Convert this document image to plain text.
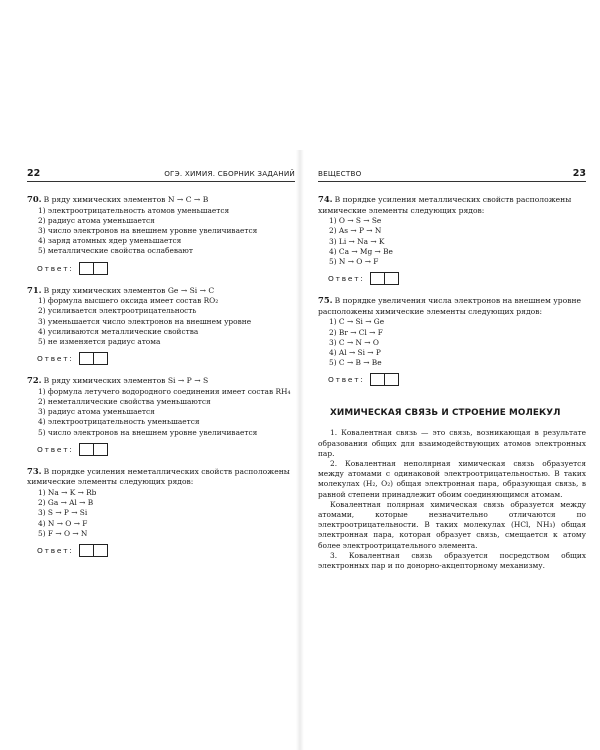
22	ОГЭ. ХИМИЯ. СБОРНИК ЗАДАНИЙ
70. В ряду химических элементов N → C → B
1) электроотрицательность атомов уменьшается
2) радиус атома уменьшается
3) число электронов на внешнем уровне увеличивается
4) заряд атомных ядер уменьшается
5) металлические свойства ослабевают
Ответ:
71. В ряду химических элементов Ge → Si → C
1) формула высшего оксида имеет состав RO₂
2) усиливается электроотрицательность
3) уменьшается число электронов на внешнем уровне
4) усиливаются металлические свойства
5) не изменяется радиус атома
Ответ:
72. В ряду химических элементов Si → P → S
1) формула летучего водородного соединения имеет состав RH₄
2) неметаллические свойства уменьшаются
3) радиус атома уменьшается
4) электроотрицательность уменьшается
5) число электронов на внешнем уровне увеличивается
Ответ:
73. В порядке усиления неметаллических свойств расположены химические элементы следующих рядов:
1) Na → K → Rb
2) Ga → Al → B
3) S → P → Si
4) N → O → F
5) F → O → N
Ответ:
ВЕЩЕСТВО	23
74. В порядке усиления металлических свойств расположены химические элементы следующих рядов:
1) O → S → Se
2) As → P → N
3) Li → Na → K
4) Ca → Mg → Be
5) N → O → F
Ответ:
75. В порядке увеличения числа электронов на внешнем уровне расположены химические элементы следующих рядов:
1) C → Si → Ge
2) Br → Cl → F
3) C → N → O
4) Al → Si → P
5) C → B → Be
Ответ:
ХИМИЧЕСКАЯ СВЯЗЬ И СТРОЕНИЕ МОЛЕКУЛ

1. Ковалентная связь — это связь, возникающая в результате образования общих для взаимодействующих атомов электронных пар.

2. Ковалентная неполярная химическая связь образуется между атомами с одинаковой электроотрицательностью. В таких молекулах (H₂, O₂) общая электронная пара, образующая связь, в равной степени принадлежит обоим соединяющимся атомам.

Ковалентная полярная химическая связь образуется между атомами, которые незначительно отличаются по электроотрицательности. В таких молекулах (HCl, NH₃) общая электронная пара, которая образует связь, смещается к атому более электроотрицательного элемента.

3. Ковалентная связь образуется посредством общих электронных пар и по донорно-акцепторному механизму.
